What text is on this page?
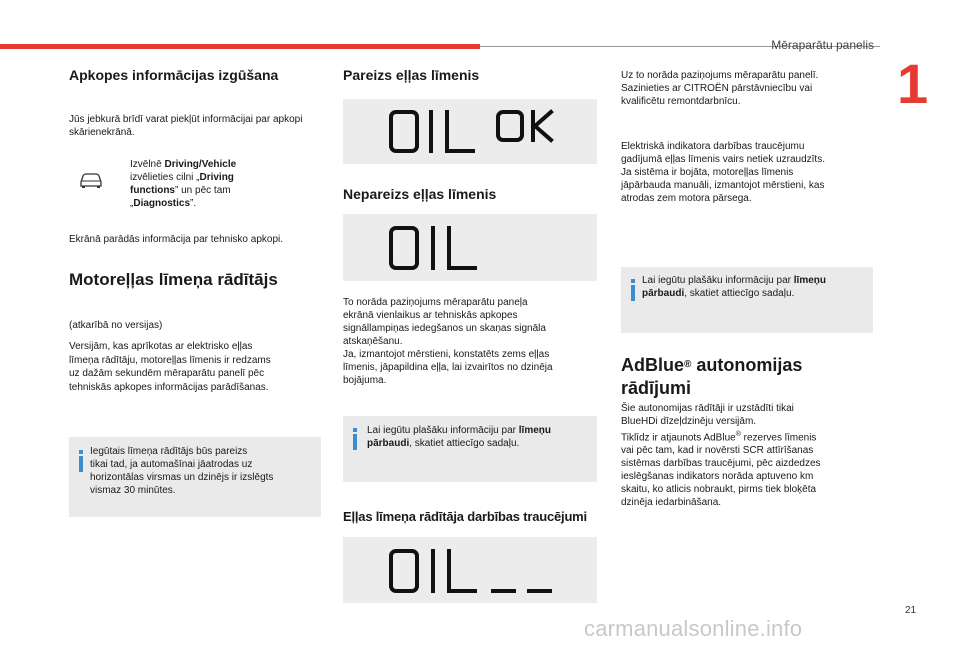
Mēraparātu panelis
1
Apkopes informācijas izgūšana

Jūs jebkurā brīdī varat piekļūt informācijai par apkopi skārienekrānā.

Izvēlnē Driving/Vehicle
izvēlieties cilni „Driving
functions” un pēc tam
„Diagnostics”.

Ekrānā parādās informācija par tehnisko apkopi.

Motoreļļas līmeņa rādītājs

(atkarībā no versijas)

Versijām, kas aprīkotas ar elektrisko eļļas
līmeņa rādītāju, motoreļļas līmenis ir redzams
uz dažām sekundēm mēraparātu panelī pēc
tehniskās apkopes informācijas parādīšanas.
Iegūtais līmeņa rādītājs būs pareizs
tikai tad, ja automašīnai jāatrodas uz
horizontālas virsmas un dzinējs ir izslēgts
vismaz 30 minūtes.
Pareizs eļļas līmenis
Nepareizs eļļas līmenis
To norāda paziņojums mēraparātu paneļa
ekrānā vienlaikus ar tehniskās apkopes
signāllampiņas iedegšanos un skaņas signāla
atskaņēšanu.
Ja, izmantojot mērstieni, konstatēts zems eļļas
līmenis, jāpapildina eļļa, lai izvairītos no dzinēja
bojājuma.
Lai iegūtu plašāku informāciju par līmeņu
pārbaudi, skatiet attiecīgo sadaļu.
Eļļas līmeņa rādītāja darbības traucējumi
Uz to norāda paziņojums mēraparātu panelī.
Sazinieties ar CITROËN pārstāvniecību vai
kvalificētu remontdarbnīcu.
Elektriskā indikatora darbības traucējumu
gadījumā eļļas līmenis vairs netiek uzraudzīts.
Ja sistēma ir bojāta, motoreļļas līmenis
jāpārbauda manuāli, izmantojot mērstieni, kas
atrodas zem motora pārsega.
Lai iegūtu plašāku informāciju par līmeņu
pārbaudi, skatiet attiecīgo sadaļu.
AdBlue® autonomijas
rādījumi
Šie autonomijas rādītāji ir uzstādīti tikai
BlueHDi dīzeļdzinēju versijām.
Tiklīdz ir atjaunots AdBlue® rezerves līmenis
vai pēc tam, kad ir novērsti SCR attīrīšanas
sistēmas darbības traucējumi, pēc aizdedzes
ieslēgšanas indikators norāda aptuveno km
skaitu, ko atlicis nobraukt, pirms tiek bloķēta
dzinēja iedarbināšana.
21
carmanualsonline.info
